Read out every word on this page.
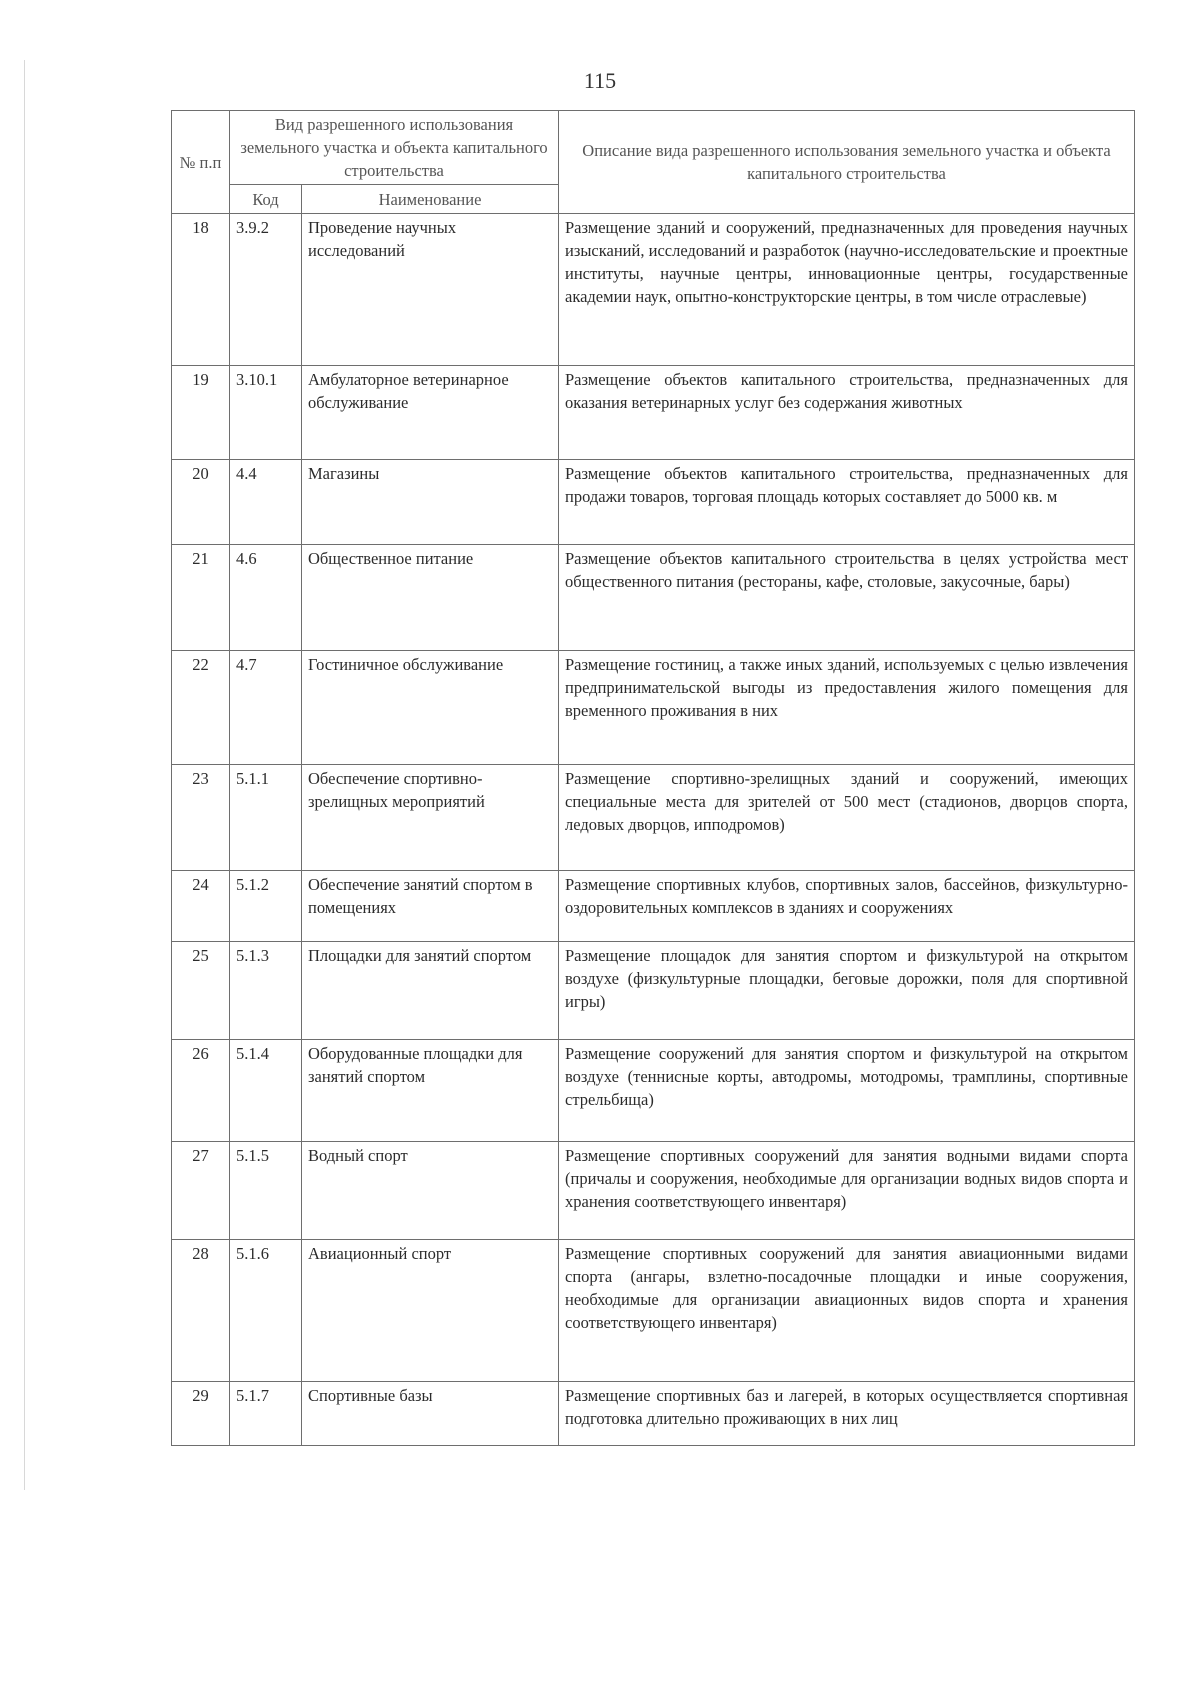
115
№ п.п	Вид разрешенного использования земельного участка и объекта капитального строительства		Описание вида разрешенного использования земельного участка и объекта капитального строительства
	Код	Наименование	
18	3.9.2	Проведение научных исследований	Размещение зданий и сооружений, предназначенных для проведения научных изысканий, исследований и разработок (научно-исследовательские и проектные институты, научные центры, инновационные центры, государственные академии наук, опытно-конструкторские центры, в том числе отраслевые)
19	3.10.1	Амбулаторное ветеринарное обслуживание	Размещение объектов капитального строительства, предназначенных для оказания ветеринарных услуг без содержания животных
20	4.4	Магазины	Размещение объектов капитального строительства, предназначенных для продажи товаров, торговая площадь которых составляет до 5000 кв. м
21	4.6	Общественное питание	Размещение объектов капитального строительства в целях устройства мест общественного питания (рестораны, кафе, столовые, закусочные, бары)
22	4.7	Гостиничное обслуживание	Размещение гостиниц, а также иных зданий, используемых с целью извлечения предпринимательской выгоды из предоставления жилого помещения для временного проживания в них
23	5.1.1	Обеспечение спортивно-зрелищных мероприятий	Размещение спортивно-зрелищных зданий и сооружений, имеющих специальные места для зрителей от 500 мест (стадионов, дворцов спорта, ледовых дворцов, ипподромов)
24	5.1.2	Обеспечение занятий спортом в помещениях	Размещение спортивных клубов, спортивных залов, бассейнов, физкультурно-оздоровительных комплексов в зданиях и сооружениях
25	5.1.3	Площадки для занятий спортом	Размещение площадок для занятия спортом и физкультурой на открытом воздухе (физкультурные площадки, беговые дорожки, поля для спортивной игры)
26	5.1.4	Оборудованные площадки для занятий спортом	Размещение сооружений для занятия спортом и физкультурой на открытом воздухе (теннисные корты, автодромы, мотодромы, трамплины, спортивные стрельбища)
27	5.1.5	Водный спорт	Размещение спортивных сооружений для занятия водными видами спорта (причалы и сооружения, необходимые для организации водных видов спорта и хранения соответствующего инвентаря)
28	5.1.6	Авиационный спорт	Размещение спортивных сооружений для занятия авиационными видами спорта (ангары, взлетно-посадочные площадки и иные сооружения, необходимые для организации авиационных видов спорта и хранения соответствующего инвентаря)
29	5.1.7	Спортивные базы	Размещение спортивных баз и лагерей, в которых осуществляется спортивная подготовка длительно проживающих в них лиц
